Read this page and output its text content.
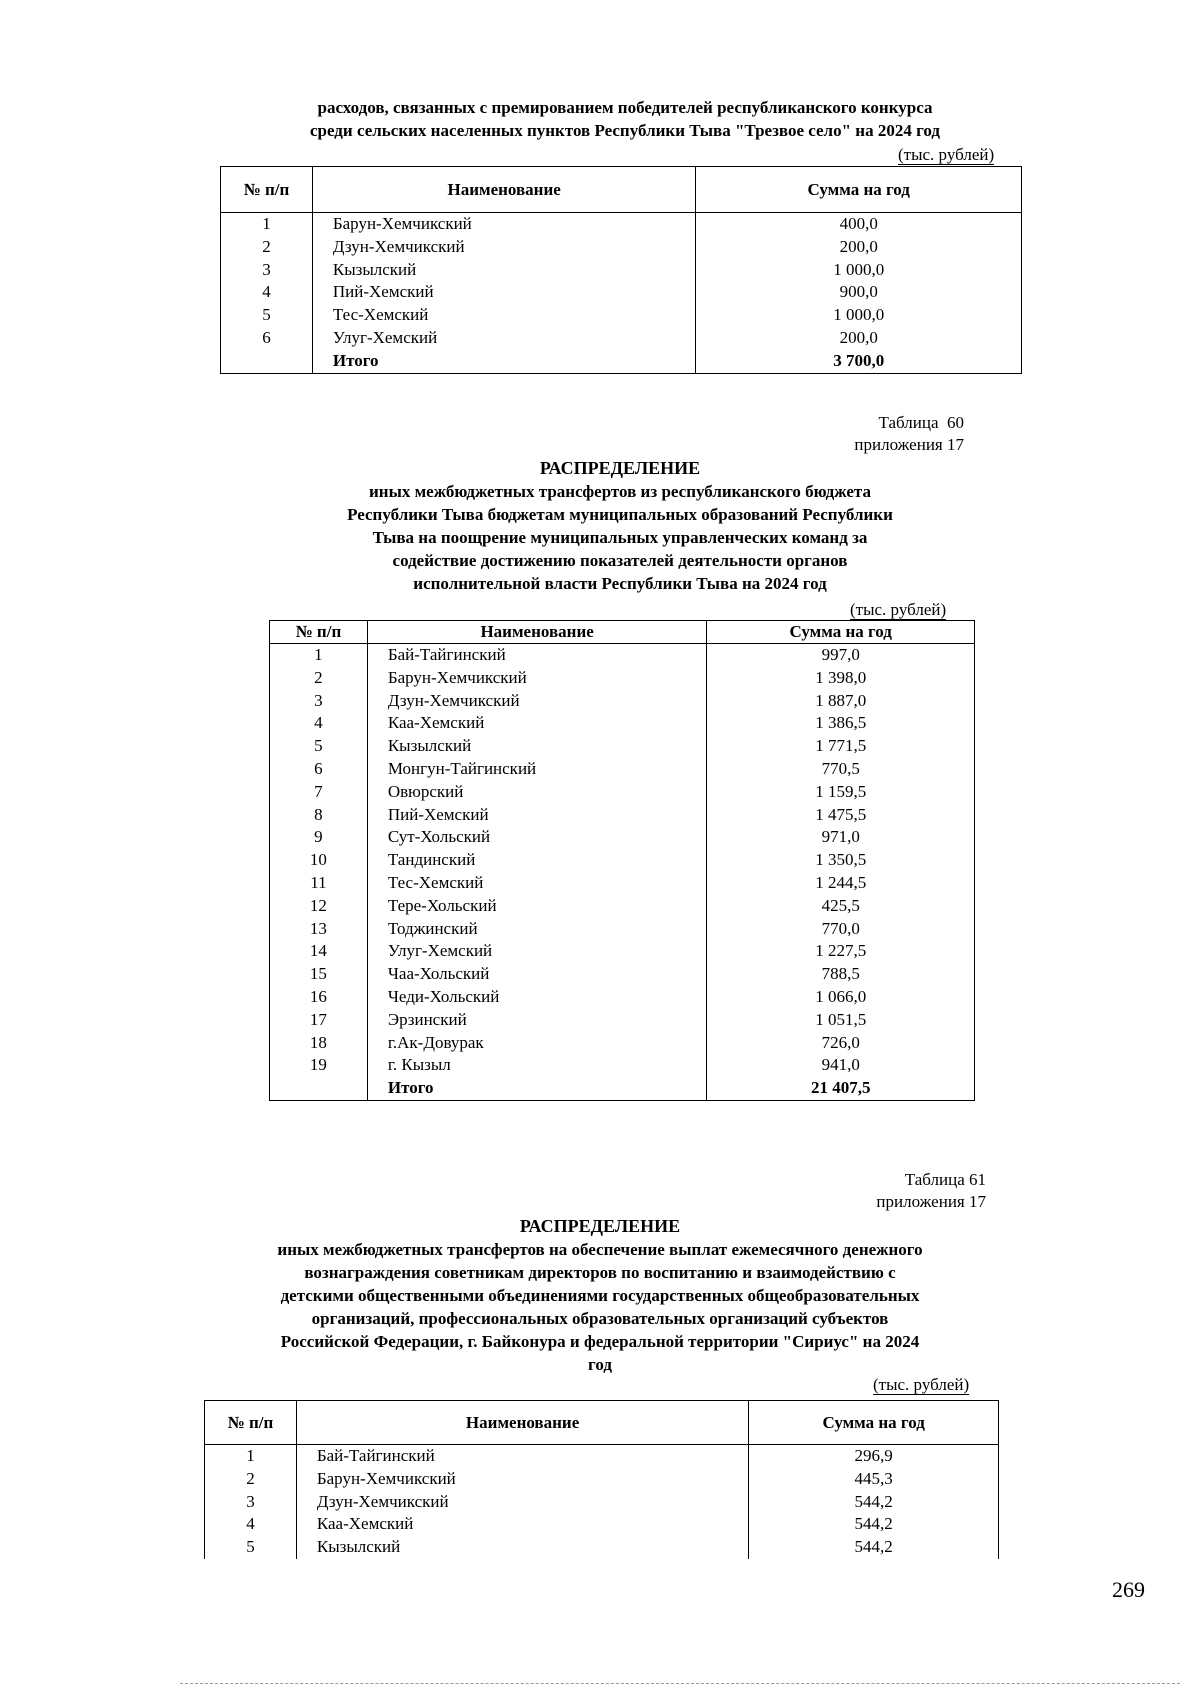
расходов, связанных с премированием победителей республиканского конкурса
среди сельских населенных пунктов Республики Тыва "Трезвое село" на 2024 год
(тыс. рублей)
№ п/п	Наименование	Сумма на год
1	Барун-Хемчикский	400,0
2	Дзун-Хемчикский	200,0
3	Кызылский	1 000,0
4	Пий-Хемский	900,0
5	Тес-Хемский	1 000,0
6	Улуг-Хемский	200,0
	Итого	3 700,0
Таблица  60
приложения 17
РАСПРЕДЕЛЕНИЕ
иных межбюджетных трансфертов из республиканского бюджета
Республики Тыва бюджетам муниципальных образований Республики
Тыва на поощрение муниципальных управленческих команд за
содействие достижению показателей деятельности органов
исполнительной власти Республики Тыва на 2024 год
(тыс. рублей)
№ п/п	Наименование	Сумма на год
1	Бай-Тайгинский	997,0
2	Барун-Хемчикский	1 398,0
3	Дзун-Хемчикский	1 887,0
4	Каа-Хемский	1 386,5
5	Кызылский	1 771,5
6	Монгун-Тайгинский	770,5
7	Овюрский	1 159,5
8	Пий-Хемский	1 475,5
9	Сут-Хольский	971,0
10	Тандинский	1 350,5
11	Тес-Хемский	1 244,5
12	Тере-Хольский	425,5
13	Тоджинский	770,0
14	Улуг-Хемский	1 227,5
15	Чаа-Хольский	788,5
16	Чеди-Хольский	1 066,0
17	Эрзинский	1 051,5
18	г.Ак-Довурак	726,0
19	г. Кызыл	941,0
	Итого	21 407,5
Таблица 61
приложения 17
РАСПРЕДЕЛЕНИЕ
иных межбюджетных трансфертов на обеспечение выплат ежемесячного денежного
вознаграждения советникам директоров по воспитанию и взаимодействию с
детскими общественными объединениями государственных общеобразовательных
организаций, профессиональных образовательных организаций субъектов
Российской Федерации, г. Байконура и федеральной территории "Сириус" на 2024
год
(тыс. рублей)
№ п/п	Наименование	Сумма на год
1	Бай-Тайгинский	296,9
2	Барун-Хемчикский	445,3
3	Дзун-Хемчикский	544,2
4	Каа-Хемский	544,2
5	Кызылский	544,2
269
